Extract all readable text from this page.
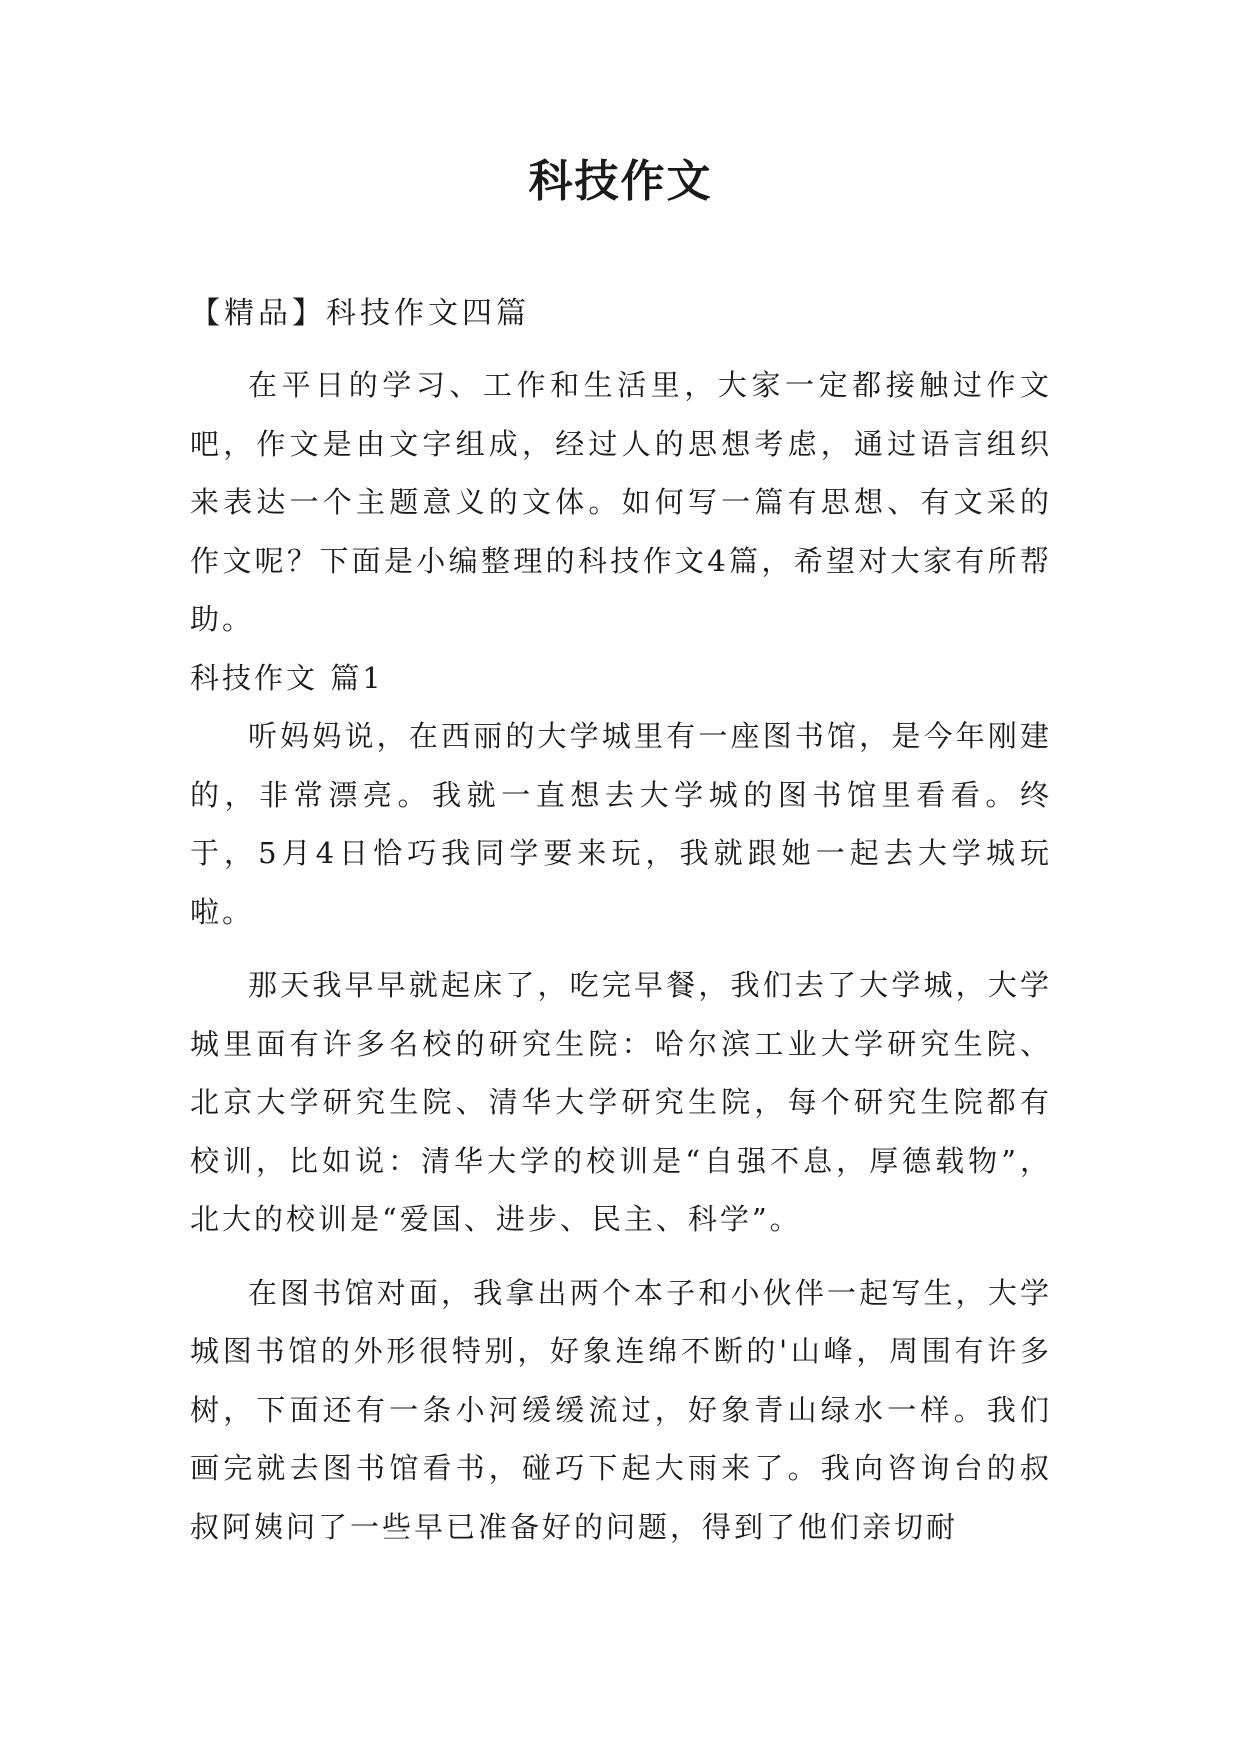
科技作文
【精品】科技作文四篇

在平日的学习、工作和生活里，大家一定都接触过作文吧，作文是由文字组成，经过人的思想考虑，通过语言组织来表达一个主题意义的文体。如何写一篇有思想、有文采的作文呢？下面是小编整理的科技作文4篇，希望对大家有所帮助。

科技作文 篇1

听妈妈说，在西丽的大学城里有一座图书馆，是今年刚建的，非常漂亮。我就一直想去大学城的图书馆里看看。终于，5月4日恰巧我同学要来玩，我就跟她一起去大学城玩啦。

那天我早早就起床了，吃完早餐，我们去了大学城，大学城里面有许多名校的研究生院：哈尔滨工业大学研究生院、北京大学研究生院、清华大学研究生院，每个研究生院都有校训，比如说：清华大学的校训是“自强不息，厚德载物”，北大的校训是“爱国、进步、民主、科学”。

在图书馆对面，我拿出两个本子和小伙伴一起写生，大学城图书馆的外形很特别，好象连绵不断的'山峰，周围有许多树，下面还有一条小河缓缓流过，好象青山绿水一样。我们画完就去图书馆看书，碰巧下起大雨来了。我向咨询台的叔叔阿姨问了一些早已准备好的问题，得到了他们亲切耐
